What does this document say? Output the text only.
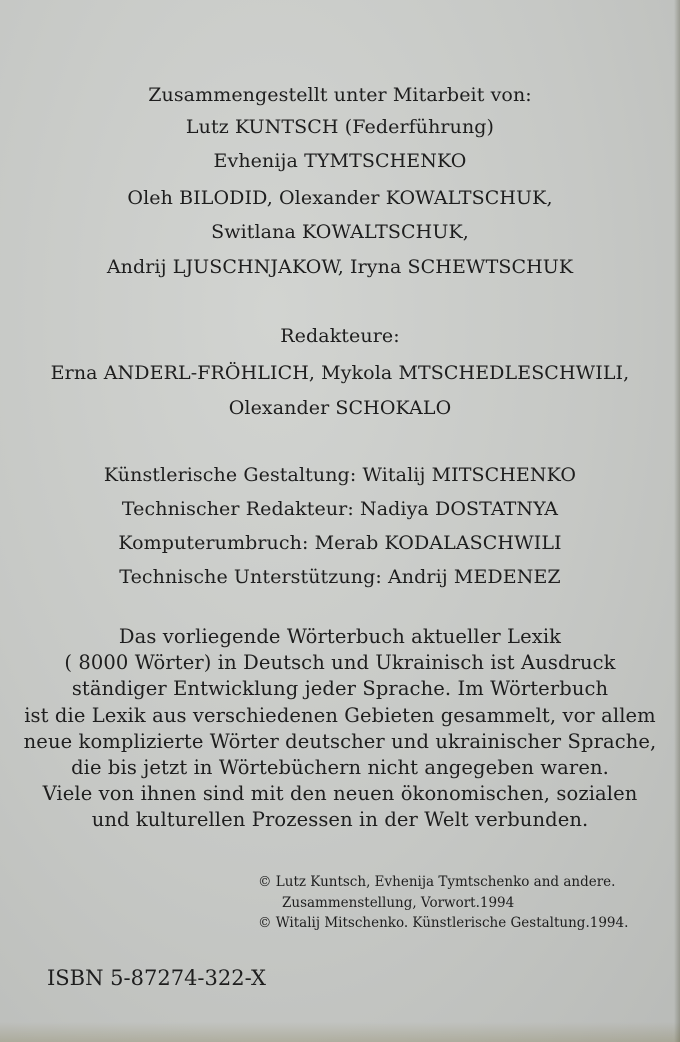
Zusammengestellt unter Mitarbeit von:
Lutz KUNTSCH (Federführung)
Evhenija TYMTSCHENKO
Oleh BILODID, Olexander KOWALTSCHUK,
Switlana KOWALTSCHUK,
Andrij LJUSCHNJAKOW, Iryna SCHEWTSCHUK
Redakteure:
Erna ANDERL-FRÖHLICH, Mykola MTSCHEDLESCHWILI,
Olexander SCHOKALO
Künstlerische Gestaltung: Witalij MITSCHENKO
Technischer Redakteur: Nadiya DOSTATNYA
Komputerumbruch: Merab KODALASCHWILI
Technische Unterstützung: Andrij MEDENEZ
Das vorliegende Wörterbuch aktueller Lexik
( 8000 Wörter) in Deutsch und Ukrainisch ist Ausdruck
ständiger Entwicklung jeder Sprache. Im Wörterbuch
ist die Lexik aus verschiedenen Gebieten gesammelt, vor allem
neue komplizierte Wörter deutscher und ukrainischer Sprache,
die bis jetzt in Wörtebüchern nicht angegeben waren.
Viele von ihnen sind mit den neuen ökonomischen, sozialen
und kulturellen Prozessen in der Welt verbunden.
© Lutz Kuntsch, Evhenija Tymtschenko and andere.
Zusammenstellung, Vorwort.1994
© Witalij Mitschenko. Künstlerische Gestaltung.1994.
ISBN 5-87274-322-X
